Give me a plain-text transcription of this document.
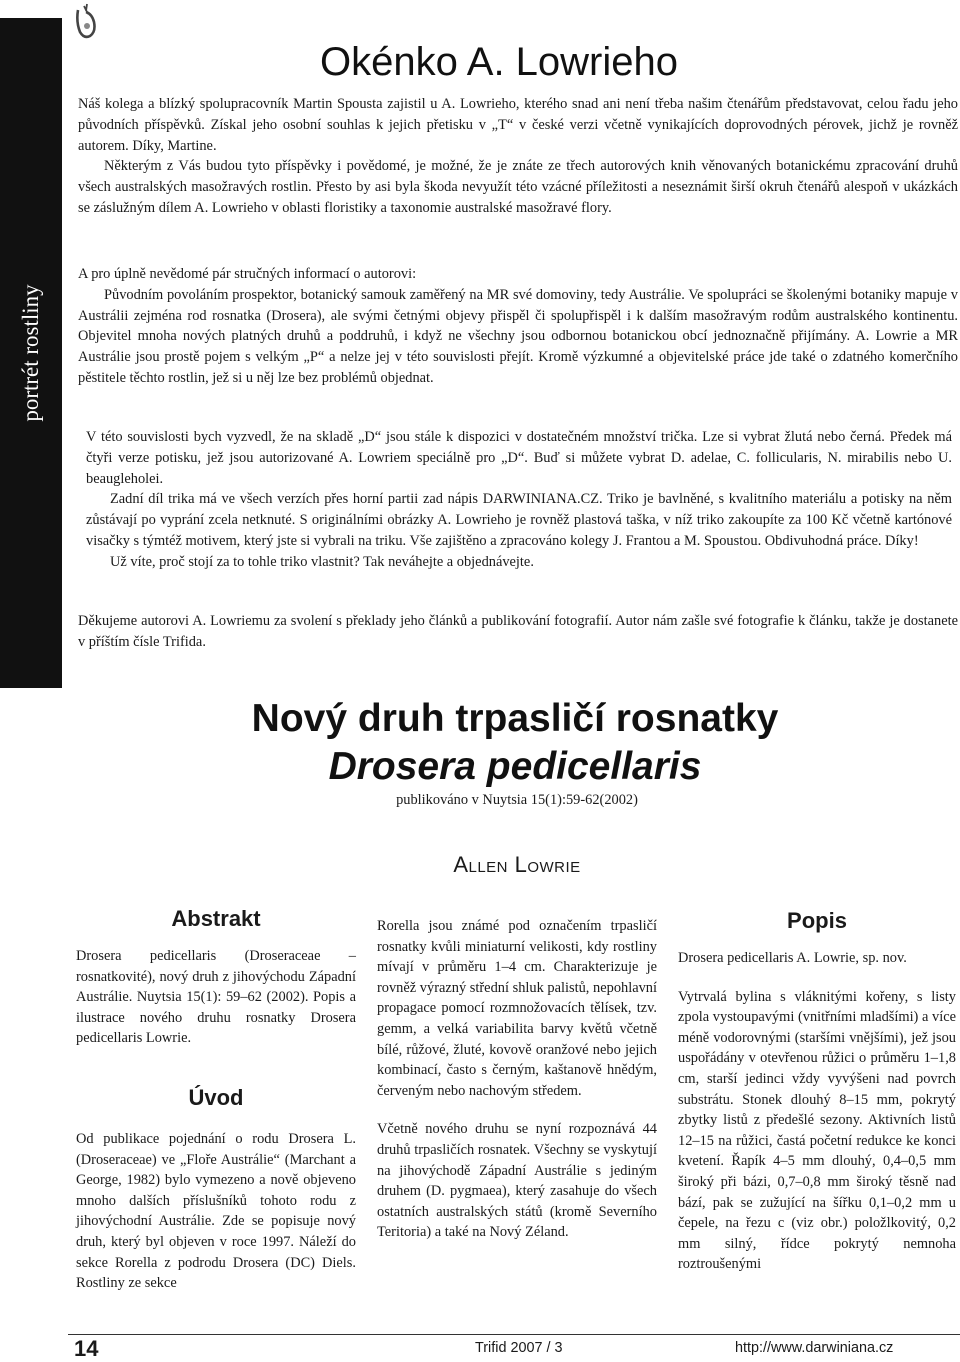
portrét rostliny
Okénko A. Lowrieho

Náš kolega a blízký spolupracovník Martin Spousta zajistil u A. Lowrieho, kterého snad ani není třeba našim čtenářům představovat, celou řadu jeho původních příspěvků. Získal jeho osobní souhlas k jejich přetisku v „T“ v české verzi včetně vynikajících doprovodných pérovek, jichž je rovněž autorem. Díky, Martine.

Některým z Vás budou tyto příspěvky i povědomé, je možné, že je znáte ze třech autorových knih věnovaných botanickému zpracování druhů všech australských masožravých rostlin. Přesto by asi byla škoda nevyužít této vzácné příležitosti a neseznámit širší okruh čtenářů alespoň v ukázkách se záslužným dílem A. Lowrieho v oblasti floristiky a taxonomie australské masožravé flory.

A pro úplně nevědomé pár stručných informací o autorovi:

Původním povoláním prospektor, botanický samouk zaměřený na MR své domoviny, tedy Austrálie. Ve spolupráci se školenými botaniky mapuje v Austrálii zejména rod rosnatka (Drosera), ale svými četnými objevy přispěl či spolupřispěl i k dalším masožravým rodům australského kontinentu. Objevitel mnoha nových platných druhů a poddruhů, i když ne všechny jsou odbornou botanickou obcí jednoznačně přijímány. A. Lowrie a MR Austrálie jsou prostě pojem s velkým „P“ a nelze jej v této souvislosti přejít. Kromě výzkumné a objevitelské práce jde také o zdatného komerčního pěstitele těchto rostlin, jež si u něj lze bez problémů objednat.

V této souvislosti bych vyzvedl, že na skladě „D“ jsou stále k dispozici v dostatečném množství trička. Lze si vybrat žlutá nebo černá. Předek má čtyři verze potisku, jež jsou autorizované A. Lowriem speciálně pro „D“. Buď si můžete vybrat D. adelae, C. follicularis, N. mirabilis nebo U. beaugleholei.

Zadní díl trika má ve všech verzích přes horní partii zad nápis DARWINIANA.CZ. Triko je bavlněné, s kvalitního materiálu a potisky na něm zůstávají po vyprání zcela netknuté. S originálními obrázky A. Lowrieho je rovněž plastová taška, v níž triko zakoupíte za 100 Kč včetně kartónové visačky s týmtéž motivem, který jste si vybrali na triku. Vše zajištěno a zpracováno kolegy J. Frantou a M. Spoustou. Obdivuhodná práce. Díky!

Už víte, proč stojí za to tohle triko vlastnit? Tak neváhejte a objednávejte.

Děkujeme autorovi A. Lowriemu za svolení s překlady jeho článků a publikování fotografií. Autor nám zašle své fotografie k článku, takže je dostanete v příštím čísle Trifida.

Nový druh trpasličí rosnatky
Drosera pedicellaris
publikováno v Nuytsia 15(1):59-62(2002)
Allen Lowrie
Abstrakt
Drosera pedicellaris (Droseraceae – rosnatkovité), nový druh z jihovýchodu Západní Austrálie. Nuytsia 15(1): 59–62 (2002). Popis a ilustrace nového druhu rosnatky Drosera pedicellaris Lowrie.
Úvod
Od publikace pojednání o rodu Drosera L. (Droseraceae) ve „Floře Austrálie“ (Marchant a George, 1982) bylo vymezeno a nově objeveno mnoho dalších příslušníků tohoto rodu z jihovýchodní Austrálie. Zde se popisuje nový druh, který byl objeven v roce 1997. Náleží do sekce Rorella z podrodu Drosera (DC) Diels. Rostliny ze sekce
Rorella jsou známé pod označením trpasličí rosnatky kvůli miniaturní velikosti, kdy rostliny mívají v průměru 1–4 cm. Charakterizuje je rovněž výrazný střední shluk palistů, nepohlavní propagace pomocí rozmnožovacích tělísek, tzv. gemm, a velká variabilita barvy květů včetně bílé, růžové, žluté, kovově oranžové nebo jejich kombinací, často s černým, kaštanově hnědým, červeným nebo nachovým středem.
Včetně nového druhu se nyní rozpoznává 44 druhů trpasličích rosnatek. Všechny se vyskytují na jihovýchodě Západní Austrálie s jediným druhem (D. pygmaea), který zasahuje do všech ostatních australských států (kromě Severního Teritoria) a také na Nový Zéland.
Popis
Drosera pedicellaris A. Lowrie, sp. nov.
Vytrvalá bylina s vláknitými kořeny, s listy zpola vystoupavými (vnitřními mladšími) a více méně vodorovnými (staršími vnějšími), jež jsou uspořádány v otevřenou růžici o průměru 1–1,8 cm, starší jedinci vždy vyvýšeni nad povrch substrátu. Stonek dlouhý 8–15 mm, pokrytý zbytky listů z předešlé sezony. Aktivních listů 12–15 na růžici, častá početní redukce ke konci kvetení. Řapík 4–5 mm dlouhý, 0,4–0,5 mm široký při bázi, 0,7–0,8 mm široký těsně nad bází, pak se zužující na šířku 0,1–0,2 mm u čepele, na řezu c (viz obr.) položlkovitý, 0,2 mm silný, řídce pokrytý nemnoha roztroušenými
14	Trifid 2007 / 3	http://www.darwiniana.cz
